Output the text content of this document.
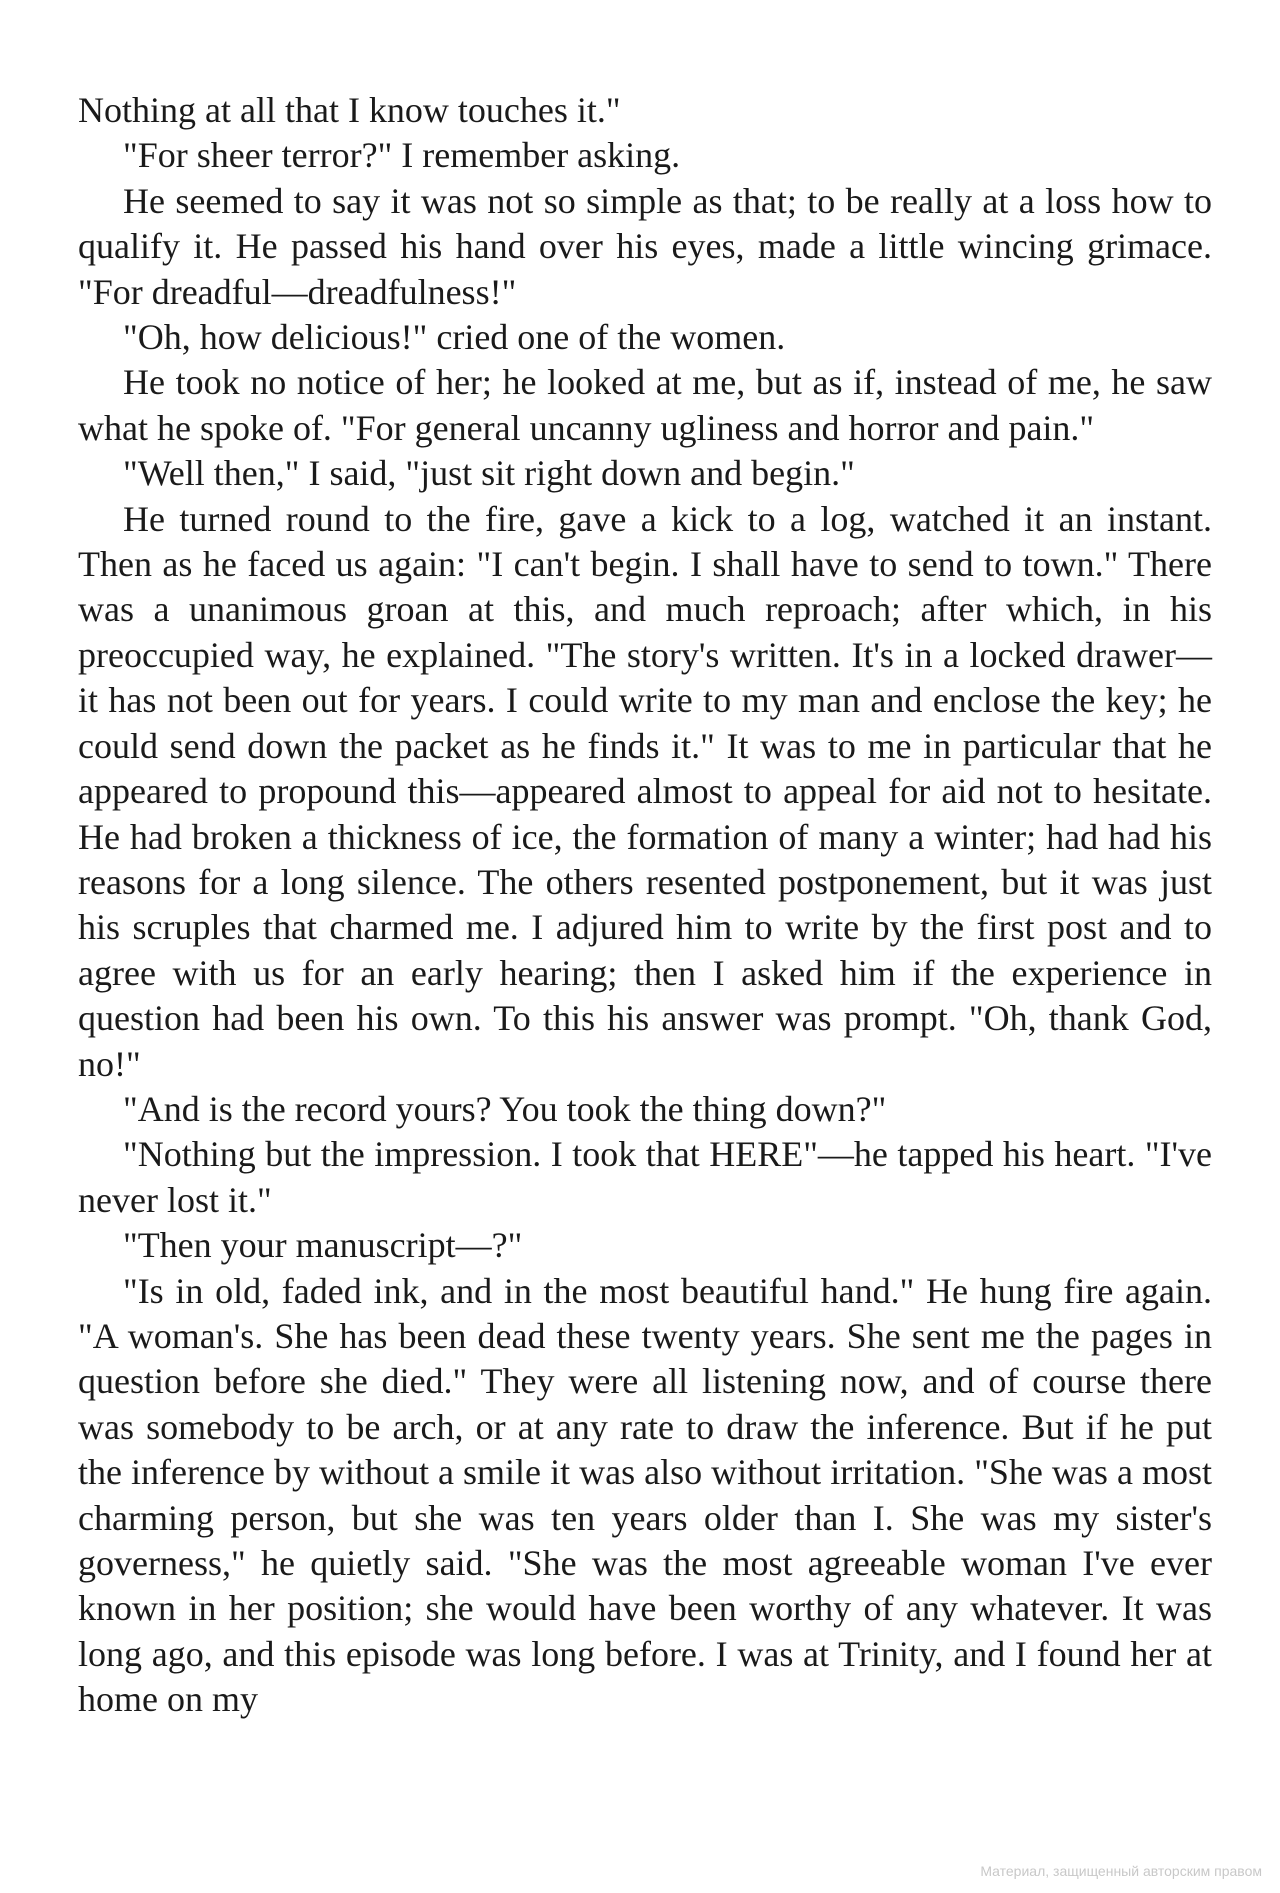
Nothing at all that I know touches it."

"For sheer terror?" I remember asking.

He seemed to say it was not so simple as that; to be really at a loss how to qualify it. He passed his hand over his eyes, made a little wincing grimace. "For dreadful—dreadfulness!"

"Oh, how delicious!" cried one of the women.

He took no notice of her; he looked at me, but as if, instead of me, he saw what he spoke of. "For general uncanny ugliness and horror and pain."

"Well then," I said, "just sit right down and begin."

He turned round to the fire, gave a kick to a log, watched it an instant. Then as he faced us again: "I can't begin. I shall have to send to town." There was a unanimous groan at this, and much reproach; after which, in his preoccupied way, he explained. "The story's written. It's in a locked drawer—it has not been out for years. I could write to my man and enclose the key; he could send down the packet as he finds it." It was to me in particular that he appeared to propound this—appeared almost to appeal for aid not to hesitate. He had broken a thickness of ice, the formation of many a winter; had had his reasons for a long silence. The others resented postponement, but it was just his scruples that charmed me. I adjured him to write by the first post and to agree with us for an early hearing; then I asked him if the experience in question had been his own. To this his answer was prompt. "Oh, thank God, no!"

"And is the record yours? You took the thing down?"

"Nothing but the impression. I took that HERE"—he tapped his heart. "I've never lost it."

"Then your manuscript—?"

"Is in old, faded ink, and in the most beautiful hand." He hung fire again. "A woman's. She has been dead these twenty years. She sent me the pages in question before she died." They were all listening now, and of course there was somebody to be arch, or at any rate to draw the inference. But if he put the inference by without a smile it was also without irritation. "She was a most charming person, but she was ten years older than I. She was my sister's governess," he quietly said. "She was the most agreeable woman I've ever known in her position; she would have been worthy of any whatever. It was long ago, and this episode was long before. I was at Trinity, and I found her at home on my

Материал, защищенный авторским правом
